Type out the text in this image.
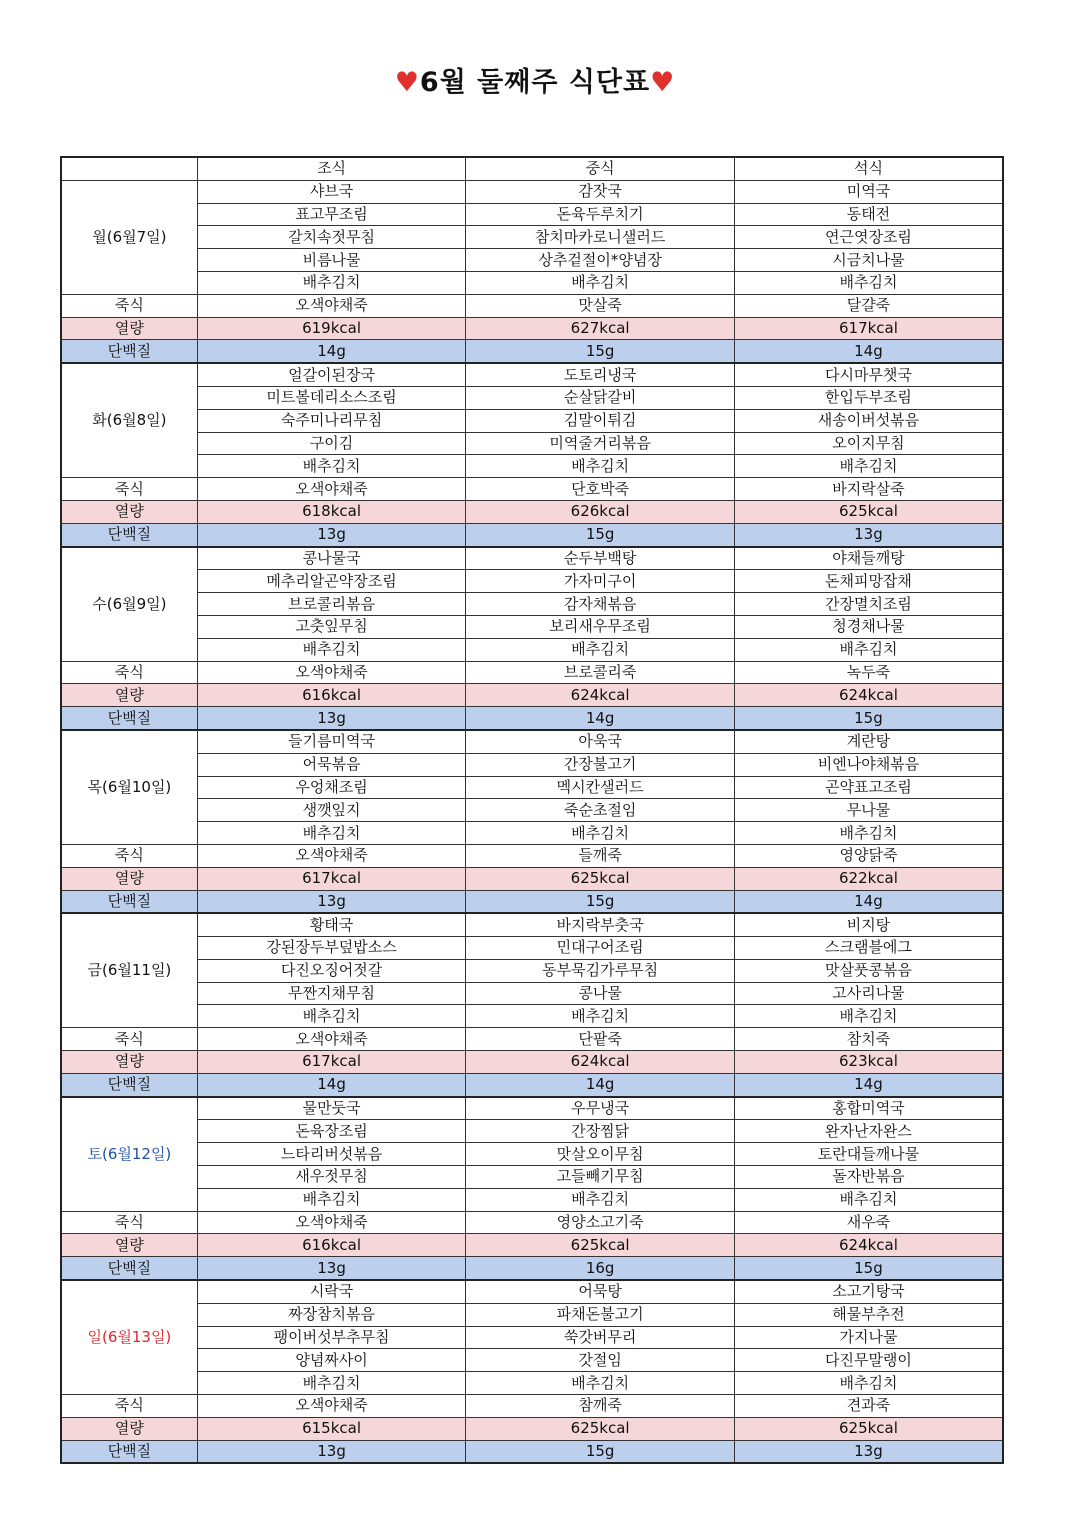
♥6월 둘째주 식단표♥
	조식	중식	석식
월(6월7일)	샤브국	감잣국	미역국
	표고무조림	돈육두루치기	동태전
	갈치속젓무침	참치마카로니샐러드	연근엿장조림
	비름나물	상추겉절이*양념장	시금치나물
	배추김치	배추김치	배추김치
죽식	오색야채죽	맛살죽	달걀죽
열량	619kcal	627kcal	617kcal
단백질	14g	15g	14g
화(6월8일)	얼갈이된장국	도토리냉국	다시마무챗국
	미트볼데리소스조림	순살닭갈비	한입두부조림
	숙주미나리무침	김말이튀김	새송이버섯볶음
	구이김	미역줄거리볶음	오이지무침
	배추김치	배추김치	배추김치
죽식	오색야채죽	단호박죽	바지락살죽
열량	618kcal	626kcal	625kcal
단백질	13g	15g	13g
수(6월9일)	콩나물국	순두부백탕	야채들깨탕
	메추리알곤약장조림	가자미구이	돈채피망잡채
	브로콜리볶음	감자채볶음	간장멸치조림
	고춧잎무침	보리새우무조림	청경채나물
	배추김치	배추김치	배추김치
죽식	오색야채죽	브로콜리죽	녹두죽
열량	616kcal	624kcal	624kcal
단백질	13g	14g	15g
목(6월10일)	들기름미역국	아욱국	계란탕
	어묵볶음	간장불고기	비엔나야채볶음
	우엉채조림	멕시칸샐러드	곤약표고조림
	생깻잎지	죽순초절임	무나물
	배추김치	배추김치	배추김치
죽식	오색야채죽	들깨죽	영양닭죽
열량	617kcal	625kcal	622kcal
단백질	13g	15g	14g
금(6월11일)	황태국	바지락부춧국	비지탕
	강된장두부덮밥소스	민대구어조림	스크램블에그
	다진오징어젓갈	동부묵김가루무침	맛살풋콩볶음
	무짠지채무침	콩나물	고사리나물
	배추김치	배추김치	배추김치
죽식	오색야채죽	단팥죽	참치죽
열량	617kcal	624kcal	623kcal
단백질	14g	14g	14g
토(6월12일)	물만둣국	우무냉국	홍합미역국
	돈육장조림	간장찜닭	완자난자완스
	느타리버섯볶음	맛살오이무침	토란대들깨나물
	새우젓무침	고들빼기무침	돌자반볶음
	배추김치	배추김치	배추김치
죽식	오색야채죽	영양소고기죽	새우죽
열량	616kcal	625kcal	624kcal
단백질	13g	16g	15g
일(6월13일)	시락국	어묵탕	소고기탕국
	짜장참치볶음	파채돈불고기	해물부추전
	팽이버섯부추무침	쑥갓버무리	가지나물
	양념짜사이	갓절임	다진무말랭이
	배추김치	배추김치	배추김치
죽식	오색야채죽	참깨죽	견과죽
열량	615kcal	625kcal	625kcal
단백질	13g	15g	13g
